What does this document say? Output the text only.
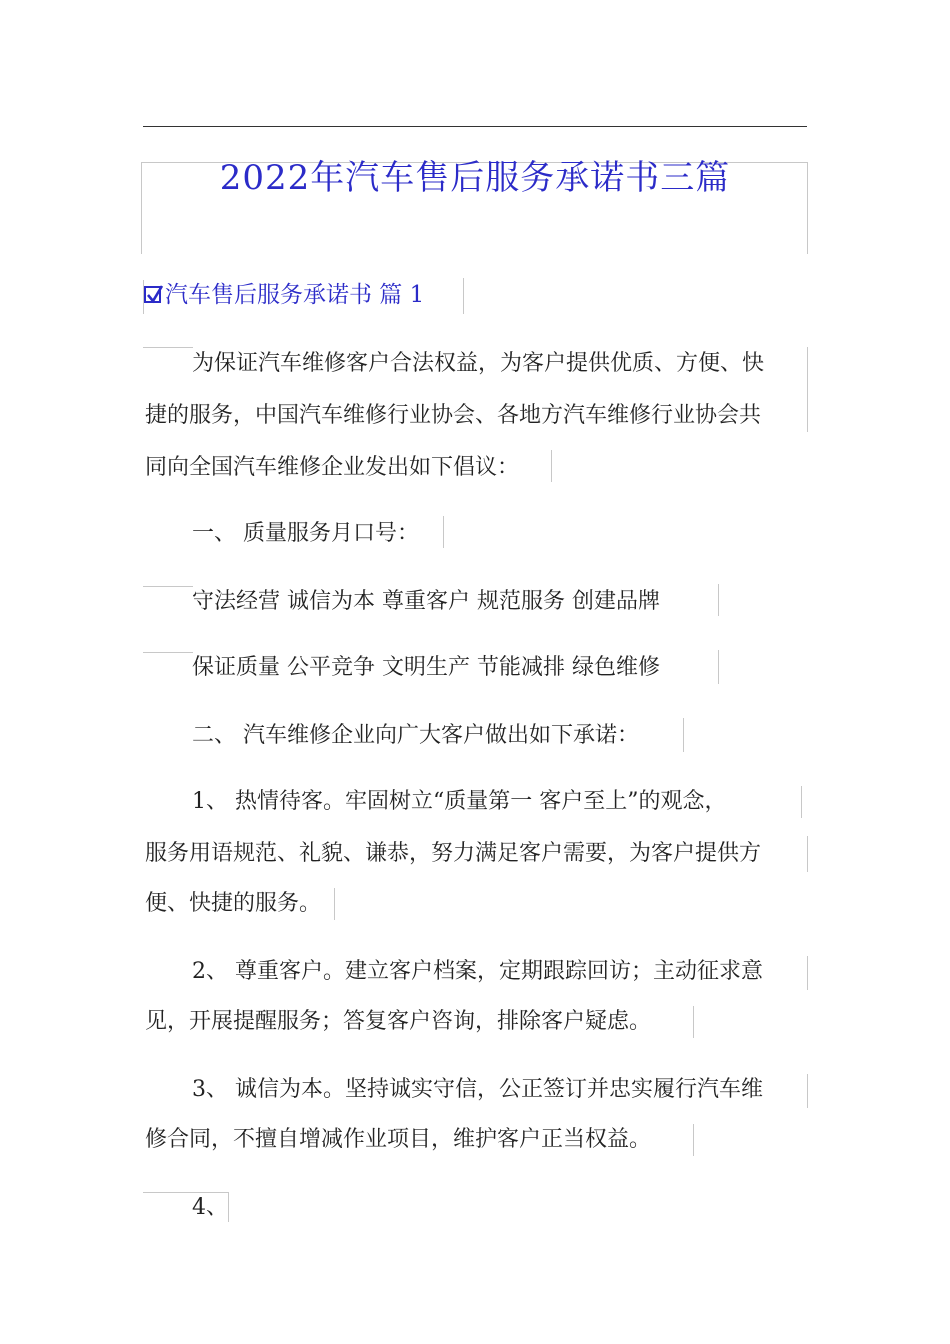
2022年汽车售后服务承诺书三篇
汽车售后服务承诺书 篇 1
为保证汽车维修客户合法权益，为客户提供优质、方便、快
捷的服务，中国汽车维修行业协会、各地方汽车维修行业协会共
同向全国汽车维修企业发出如下倡议：
一、 质量服务月口号：
守法经营 诚信为本 尊重客户 规范服务 创建品牌
保证质量 公平竞争 文明生产 节能减排 绿色维修
二、 汽车维修企业向广大客户做出如下承诺：
1、 热情待客。牢固树立“质量第一 客户至上”的观念，
服务用语规范、礼貌、谦恭，努力满足客户需要，为客户提供方
便、快捷的服务。
2、 尊重客户。建立客户档案，定期跟踪回访；主动征求意
见，开展提醒服务；答复客户咨询，排除客户疑虑。
3、 诚信为本。坚持诚实守信，公正签订并忠实履行汽车维
修合同，不擅自增减作业项目，维护客户正当权益。
4、
